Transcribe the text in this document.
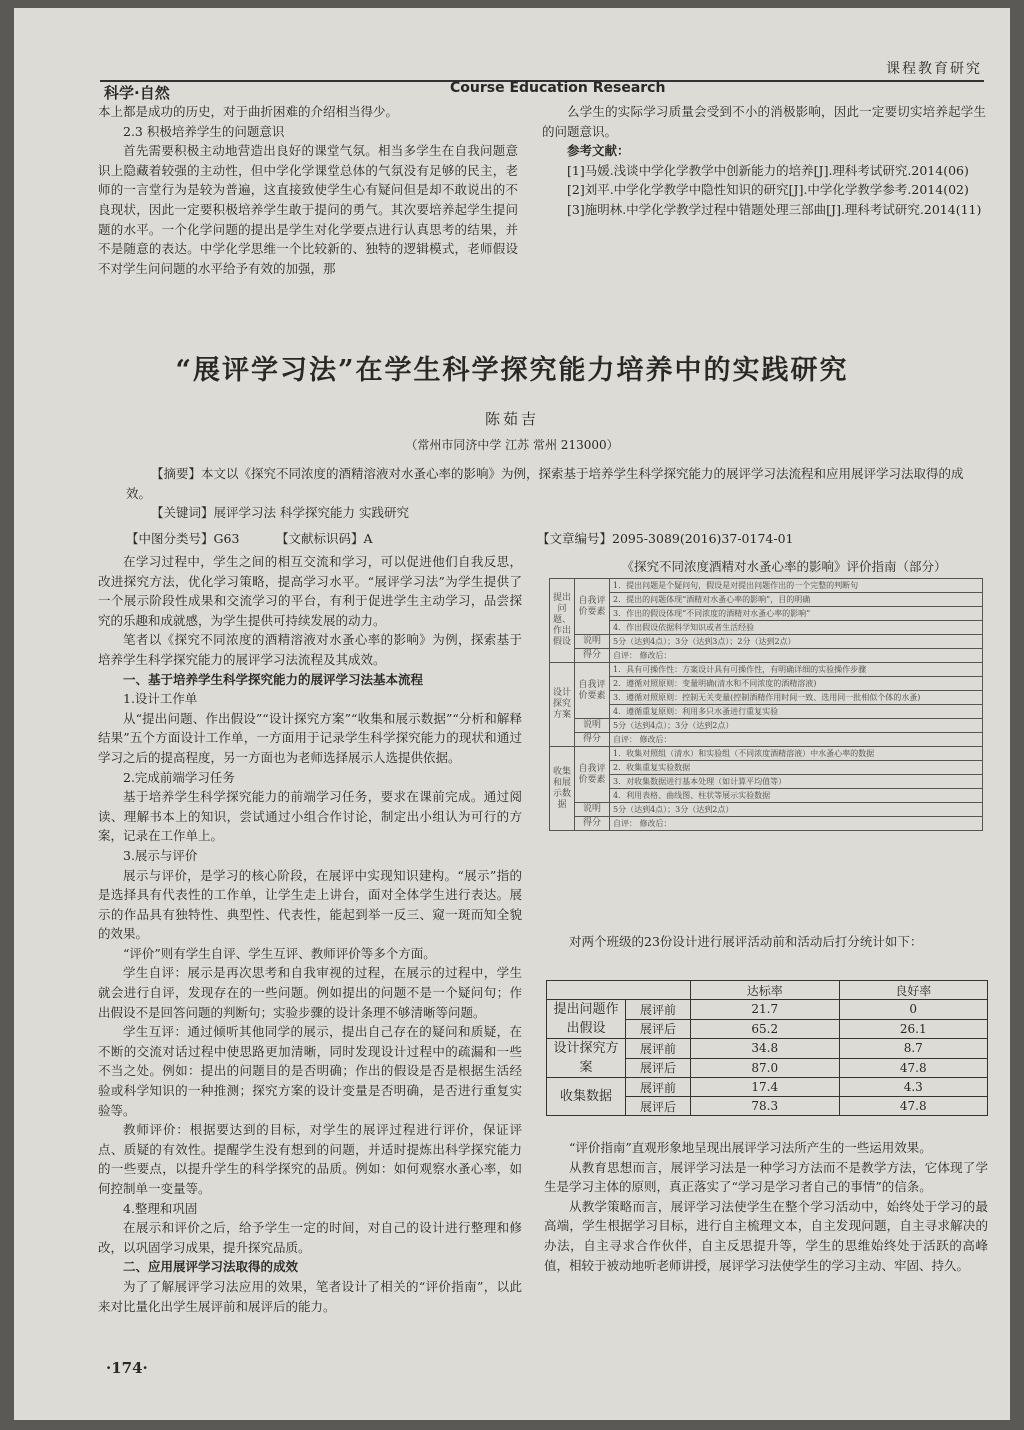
课程教育研究
科学·自然	Course Education Research

本上都是成功的历史，对于曲折困难的介绍相当得少。

2.3 积极培养学生的问题意识

首先需要积极主动地营造出良好的课堂气氛。相当多学生在自我问题意识上隐藏着较强的主动性，但中学化学课堂总体的气氛没有足够的民主，老师的一言堂行为是较为普遍，这直接致使学生心有疑问但是却不敢说出的不良现状，因此一定要积极培养学生敢于提问的勇气。其次要培养起学生提问题的水平。一个化学问题的提出是学生对化学要点进行认真思考的结果，并不是随意的表达。中学化学思维一个比较新的、独特的逻辑模式，老师假设不对学生问问题的水平给予有效的加强，那

么学生的实际学习质量会受到不小的消极影响，因此一定要切实培养起学生的问题意识。

参考文献：

[1]马媛.浅谈中学化学教学中创新能力的培养[J].理科考试研究.2014(06)

[2]刘平.中学化学教学中隐性知识的研究[J].中学化学教学参考.2014(02)

[3]施明林.中学化学教学过程中错题处理三部曲[J].理科考试研究.2014(11)

“展评学习法”在学生科学探究能力培养中的实践研究
陈茹吉
（常州市同济中学 江苏 常州 213000）

【摘要】本文以《探究不同浓度的酒精溶液对水蚤心率的影响》为例，探索基于培养学生科学探究能力的展评学习法流程和应用展评学习法取得的成效。

【关键词】展评学习法 科学探究能力 实践研究

【中图分类号】G63	【文献标识码】A	【文章编号】2095-3089(2016)37-0174-01

在学习过程中，学生之间的相互交流和学习，可以促进他们自我反思，改进探究方法，优化学习策略，提高学习水平。“展评学习法”为学生提供了一个展示阶段性成果和交流学习的平台，有利于促进学生主动学习，品尝探究的乐趣和成就感，为学生提供可持续发展的动力。

笔者以《探究不同浓度的酒精溶液对水蚤心率的影响》为例，探索基于培养学生科学探究能力的展评学习法流程及其成效。

一、基于培养学生科学探究能力的展评学习法基本流程

1.设计工作单

从“提出问题、作出假设”“设计探究方案”“收集和展示数据”“分析和解释结果”五个方面设计工作单，一方面用于记录学生科学探究能力的现状和通过学习之后的提高程度，另一方面也为老师选择展示人选提供依据。

2.完成前端学习任务

基于培养学生科学探究能力的前端学习任务，要求在课前完成。通过阅读、理解书本上的知识，尝试通过小组合作讨论，制定出小组认为可行的方案，记录在工作单上。

3.展示与评价

展示与评价，是学习的核心阶段，在展评中实现知识建构。“展示”指的是选择具有代表性的工作单，让学生走上讲台，面对全体学生进行表达。展示的作品具有独特性、典型性、代表性，能起到举一反三、窥一斑而知全貌的效果。

“评价”则有学生自评、学生互评、教师评价等多个方面。

学生自评：展示是再次思考和自我审视的过程，在展示的过程中，学生就会进行自评，发现存在的一些问题。例如提出的问题不是一个疑问句；作出假设不是回答问题的判断句；实验步骤的设计条理不够清晰等问题。

学生互评：通过倾听其他同学的展示，提出自己存在的疑问和质疑，在不断的交流对话过程中使思路更加清晰，同时发现设计过程中的疏漏和一些不当之处。例如：提出的问题目的是否明确；作出的假设是否是根据生活经验或科学知识的一种推测；探究方案的设计变量是否明确，是否进行重复实验等。

教师评价：根据要达到的目标，对学生的展评过程进行评价，保证评点、质疑的有效性。提醒学生没有想到的问题，并适时提炼出科学探究能力的一些要点，以提升学生的科学探究的品质。例如：如何观察水蚤心率，如何控制单一变量等。

4.整理和巩固

在展示和评价之后，给予学生一定的时间，对自己的设计进行整理和修改，以巩固学习成果，提升探究品质。

二、应用展评学习法取得的成效

为了了解展评学习法应用的效果，笔者设计了相关的“评价指南”，以此来对比量化出学生展评前和展评后的能力。

《探究不同浓度酒精对水蚤心率的影响》评价指南（部分）
提出问题、作出假设	自我评价要素	1．提出问题是个疑问句，假设是对提出问题作出的一个完整的判断句
		2．提出的问题体现“酒精对水蚤心率的影响”，目的明确
		3．作出的假设体现“不同浓度的酒精对水蚤心率的影响”
		4．作出假设依据科学知识或者生活经验
	说明	5分（达到4点）；3分（达到3点）；2分（达到2点）
	得分	自评： 修改后：
设计探究方案	自我评价要素	1．具有可操作性：方案设计具有可操作性，有明确详细的实验操作步骤
		2．遵循对照原则：变量明确(清水和不同浓度的酒精溶液)
		3．遵循对照原则：控制无关变量(控制酒精作用时间一致、选用同一批相似个体的水蚤)
		4．遵循重复原则：利用多只水蚤进行重复实验
	说明	5分（达到4点）；3分（达到2点）
	得分	自评： 修改后：
收集和展示数据	自我评价要素	1．收集对照组（清水）和实验组（不同浓度酒精溶液）中水蚤心率的数据
		2．收集重复实验数据
		3．对收集数据进行基本处理（如计算平均值等）
		4．利用表格、曲线图、柱状等展示实验数据
	说明	5分（达到4点）；3分（达到2点）
	得分	自评： 修改后：

对两个班级的23份设计进行展评活动前和活动后打分统计如下：

		达标率	良好率
提出问题作出假设	展评前	21.7	0
	展评后	65.2	26.1
设计探究方案	展评前	34.8	8.7
	展评后	87.0	47.8
收集数据	展评前	17.4	4.3
	展评后	78.3	47.8

“评价指南”直观形象地呈现出展评学习法所产生的一些运用效果。

从教育思想而言，展评学习法是一种学习方法而不是教学方法，它体现了学生是学习主体的原则，真正落实了“学习是学习者自己的事情”的信条。

从教学策略而言，展评学习法使学生在整个学习活动中，始终处于学习的最高端，学生根据学习目标，进行自主梳理文本，自主发现问题，自主寻求解决的办法，自主寻求合作伙伴，自主反思提升等，学生的思维始终处于活跃的高峰值，相较于被动地听老师讲授，展评学习法使学生的学习主动、牢固、持久。

·174·
